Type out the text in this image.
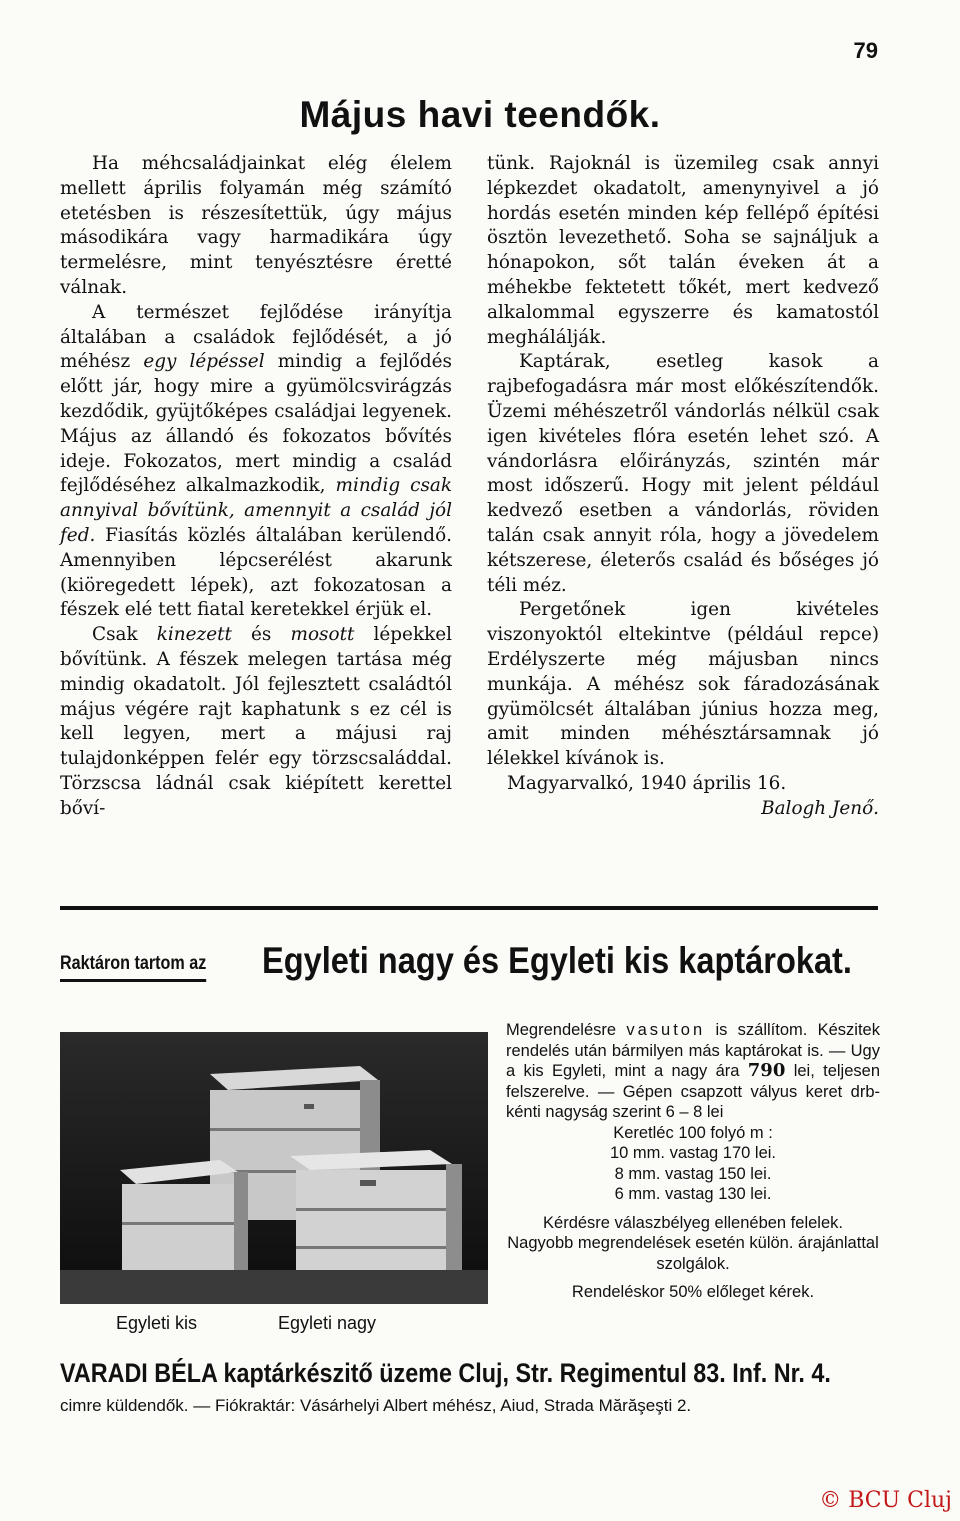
79
Május havi teendők.

Ha méhcsaládjainkat elég élelem mellett április folyamán még számító etetésben is részesítettük, úgy május másodikára vagy harmadikára úgy termelésre, mint tenyésztésre éretté válnak.

A természet fejlődése irányítja általában a családok fejlődését, a jó méhész egy lépéssel mindig a fejlődés előtt jár, hogy mire a gyümölcsvirágzás kezdődik, gyüjtőképes családjai legyenek. Május az állandó és fokozatos bővítés ideje. Fokozatos, mert mindig a család fejlődéséhez alkalmazkodik, mindig csak annyival bővítünk, amennyit a család jól fed. Fiasítás közlés általában kerülendő. Amennyiben lépcserélést akarunk (kiöregedett lépek), azt fokozatosan a fészek elé tett fiatal keretekkel érjük el.

Csak kinezett és mosott lépekkel bővítünk. A fészek melegen tartása még mindig okadatolt. Jól fejlesztett családtól május végére rajt kaphatunk s ez cél is kell legyen, mert a májusi raj tulajdonképpen felér egy törzscsaláddal. Törzscsa ládnál csak kiépített kerettel bőví-

tünk. Rajoknál is üzemileg csak annyi lépkezdet okadatolt, amenynyivel a jó hordás esetén minden kép fellépő építési ösztön levezethető. Soha se sajnáljuk a hónapokon, sőt talán éveken át a méhekbe fektetett tőkét, mert kedvező alkalommal egyszerre és kamatostól meghálálják.

Kaptárak, esetleg kasok a rajbefogadásra már most előkészítendők. Üzemi méhészetről vándorlás nélkül csak igen kivételes flóra esetén lehet szó. A vándorlásra előirányzás, szintén már most időszerű. Hogy mit jelent például kedvező esetben a vándorlás, röviden talán csak annyit róla, hogy a jövedelem kétszerese, életerős család és bőséges jó téli méz.

Pergetőnek igen kivételes viszonyoktól eltekintve (például repce) Erdélyszerte még májusban nincs munkája. A méhész sok fáradozásának gyümölcsét általában június hozza meg, amit minden méhésztársamnak jó lélekkel kívánok is.

Magyarvalkó, 1940 április 16.

Balogh Jenő.

Raktáron tartom az Egyleti nagy és Egyleti kis kaptárokat.
Egyleti kis	Egyleti nagy
Megrendelésre vasuton is szállítom. Készitek rendelés után bármilyen más kaptárokat is. — Ugy a kis Egyleti, mint a nagy ára 790 lei, teljesen felszerelve. — Gépen csapzott vályus keret drb-kénti nagyság szerint 6 – 8 lei
Keretléc 100 folyó m :
10 mm. vastag 170 lei.
8 mm. vastag 150 lei.
6 mm. vastag 130 lei.
Kérdésre válaszbélyeg ellenében felelek.
Nagyobb megrendelések esetén külön. árajánlattal szolgálok.
Rendeléskor 50% előleget kérek.
VARADI BÉLA kaptárkészitő üzeme Cluj, Str. Regimentul 83. Inf. Nr. 4.
cimre küldendők. — Fiókraktár: Vásárhelyi Albert méhész, Aiud, Strada Mărăşeşti 2.
© BCU Cluj
